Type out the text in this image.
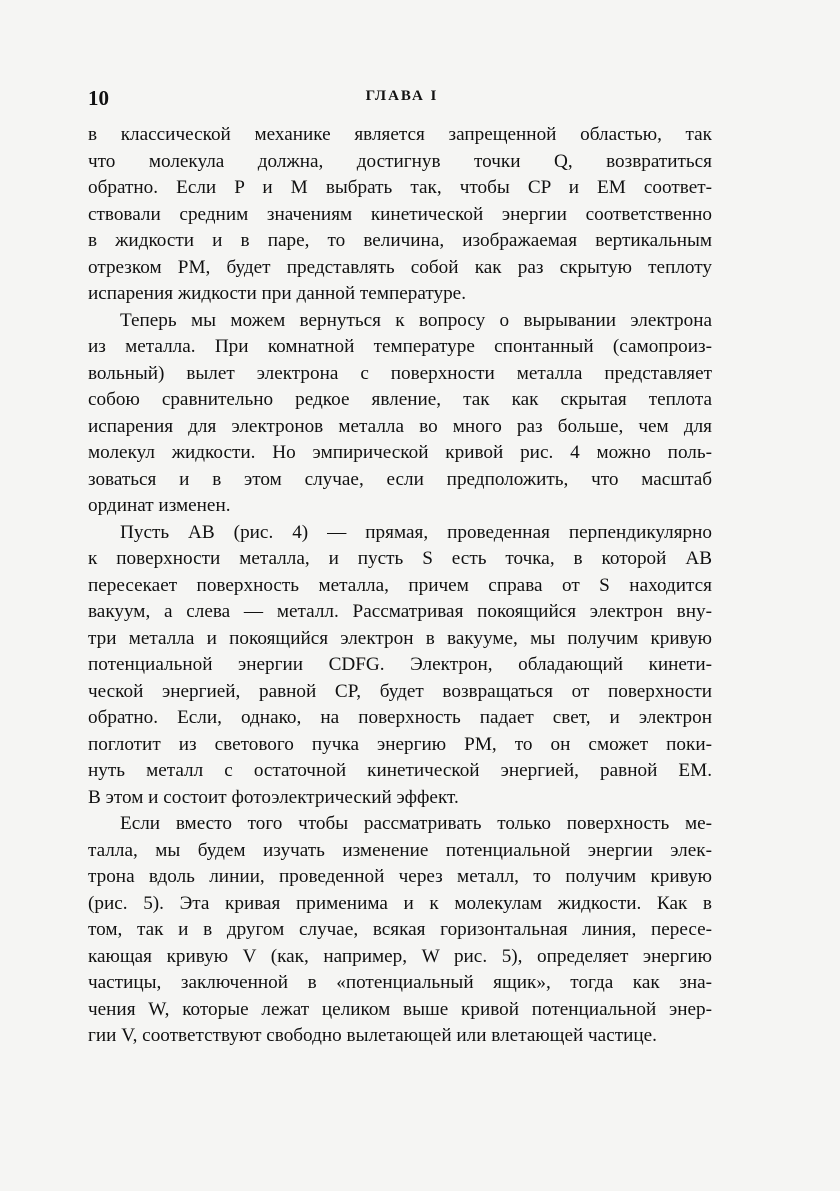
10	ГЛАВА I

в классической механике является запрещенной областью, так
что молекула должна, достигнув точки Q, возвратиться
обратно. Если P и M выбрать так, чтобы CP и EM соответ-
ствовали средним значениям кинетической энергии соответственно
в жидкости и в паре, то величина, изображаемая вертикальным
отрезком PM, будет представлять собой как раз скрытую теплоту
испарения жидкости при данной температуре.

Теперь мы можем вернуться к вопросу о вырывании электрона
из металла. При комнатной температуре спонтанный (самопроиз-
вольный) вылет электрона с поверхности металла представляет
собою сравнительно редкое явление, так как скрытая теплота
испарения для электронов металла во много раз больше, чем для
молекул жидкости. Но эмпирической кривой рис. 4 можно поль-
зоваться и в этом случае, если предположить, что масштаб
ординат изменен.

Пусть AB (рис. 4) — прямая, проведенная перпендикулярно
к поверхности металла, и пусть S есть точка, в которой AB
пересекает поверхность металла, причем справа от S находится
вакуум, а слева — металл. Рассматривая покоящийся электрон вну-
три металла и покоящийся электрон в вакууме, мы получим кривую
потенциальной энергии CDFG. Электрон, обладающий кинети-
ческой энергией, равной CP, будет возвращаться от поверхности
обратно. Если, однако, на поверхность падает свет, и электрон
поглотит из светового пучка энергию PM, то он сможет поки-
нуть металл с остаточной кинетической энергией, равной EM.
В этом и состоит фотоэлектрический эффект.

Если вместо того чтобы рассматривать только поверхность ме-
талла, мы будем изучать изменение потенциальной энергии элек-
трона вдоль линии, проведенной через металл, то получим кривую
(рис. 5). Эта кривая применима и к молекулам жидкости. Как в
том, так и в другом случае, всякая горизонтальная линия, пересе-
кающая кривую V (как, например, W рис. 5), определяет энергию
частицы, заключенной в «потенциальный ящик», тогда как зна-
чения W, которые лежат целиком выше кривой потенциальной энер-
гии V, соответствуют свободно вылетающей или влетающей частице.
